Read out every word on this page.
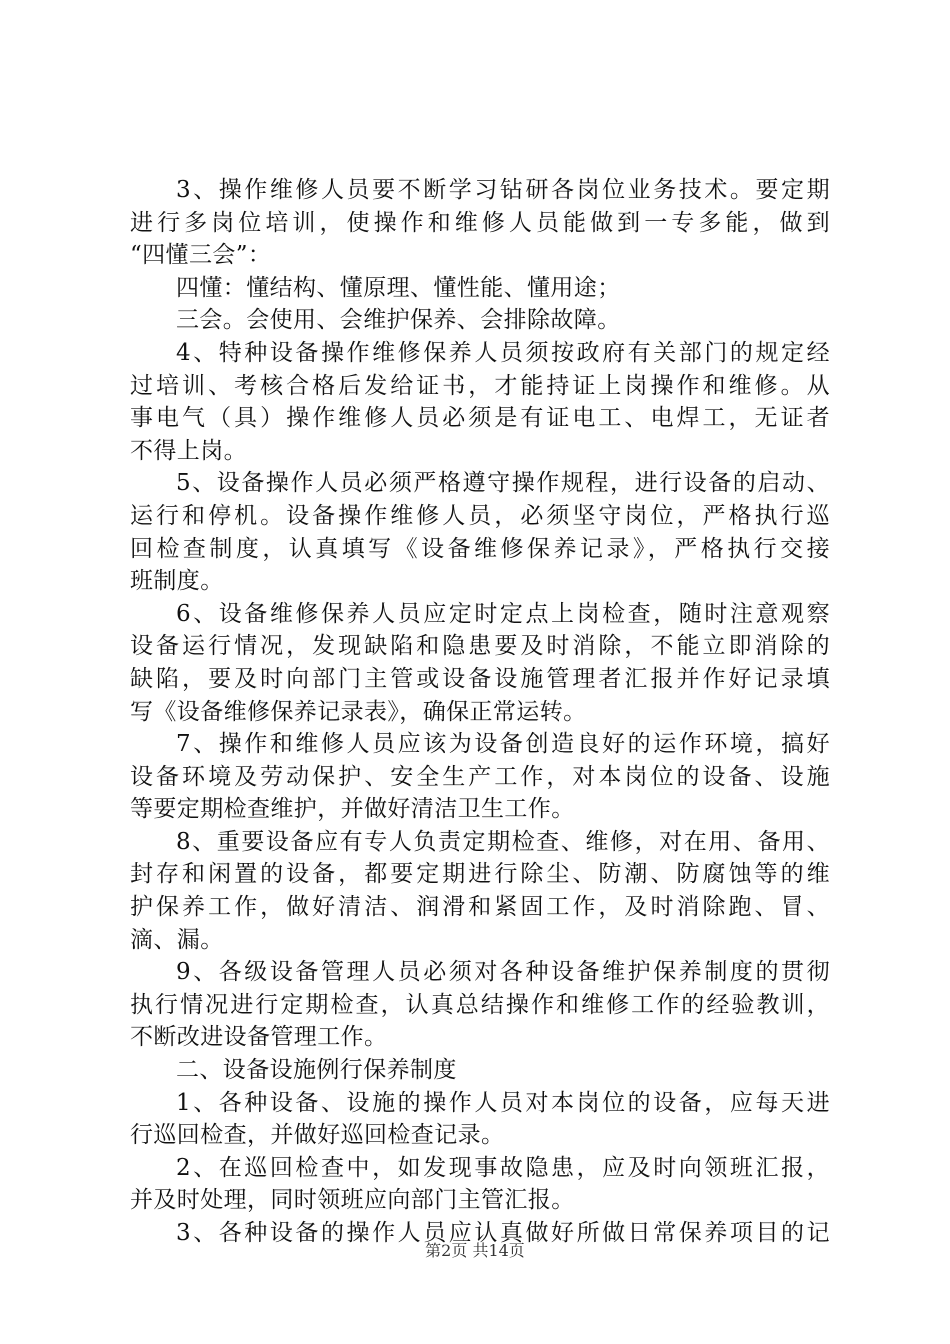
3、操作维修人员要不断学习钻研各岗位业务技术。要定期
进行多岗位培训，使操作和维修人员能做到一专多能，做到
“四懂三会”：
四懂：懂结构、懂原理、懂性能、懂用途；
三会。会使用、会维护保养、会排除故障。
4、特种设备操作维修保养人员须按政府有关部门的规定经
过培训、考核合格后发给证书，才能持证上岗操作和维修。从
事电气（具）操作维修人员必须是有证电工、电焊工，无证者
不得上岗。
5、设备操作人员必须严格遵守操作规程，进行设备的启动、
运行和停机。设备操作维修人员，必须坚守岗位，严格执行巡
回检查制度，认真填写《设备维修保养记录》，严格执行交接
班制度。
6、设备维修保养人员应定时定点上岗检查，随时注意观察
设备运行情况，发现缺陷和隐患要及时消除，不能立即消除的
缺陷，要及时向部门主管或设备设施管理者汇报并作好记录填
写《设备维修保养记录表》，确保正常运转。
7、操作和维修人员应该为设备创造良好的运作环境，搞好
设备环境及劳动保护、安全生产工作，对本岗位的设备、设施
等要定期检查维护，并做好清洁卫生工作。
8、重要设备应有专人负责定期检查、维修，对在用、备用、
封存和闲置的设备，都要定期进行除尘、防潮、防腐蚀等的维
护保养工作，做好清洁、润滑和紧固工作，及时消除跑、冒、
滴、漏。
9、各级设备管理人员必须对各种设备维护保养制度的贯彻
执行情况进行定期检查，认真总结操作和维修工作的经验教训，
不断改进设备管理工作。
二、设备设施例行保养制度
1、各种设备、设施的操作人员对本岗位的设备，应每天进
行巡回检查，并做好巡回检查记录。
2、在巡回检查中，如发现事故隐患，应及时向领班汇报，
并及时处理，同时领班应向部门主管汇报。
3、各种设备的操作人员应认真做好所做日常保养项目的记
第2页 共14页
